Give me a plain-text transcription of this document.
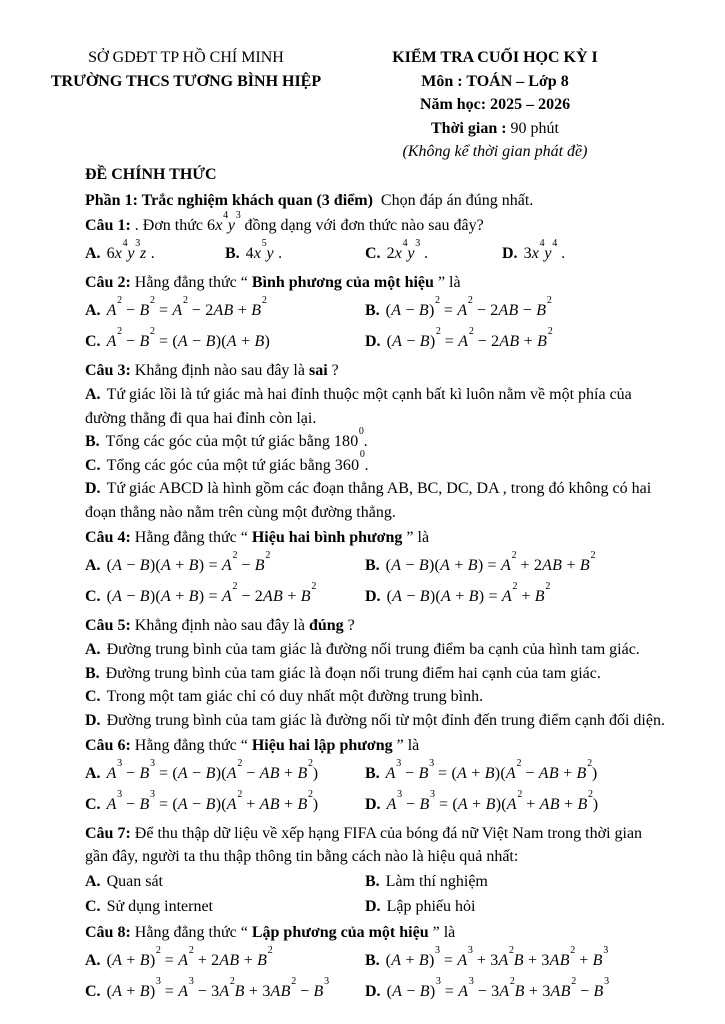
SỞ GDĐT TP HỒ CHÍ MINH
TRƯỜNG THCS TƯƠNG BÌNH HIỆP
KIỂM TRA CUỐI HỌC KỲ I
Môn : TOÁN – Lớp 8
Năm học: 2025 – 2026
Thời gian : 90 phút
(Không kể thời gian phát đề)
ĐỀ CHÍNH THỨC
Phần 1: Trắc nghiệm khách quan (3 điểm)  Chọn đáp án đúng nhất.
Câu 1: . Đơn thức $6x^4y^3$ đồng dạng với đơn thức nào sau đây?
A. $6x^4y^3z$ .	B. $4x^5y$ .	C. $2x^4y^3$ .	D. $3x^4y^4$ .
Câu 2: Hằng đẳng thức “ Bình phương của một hiệu ” là
A. $A^2 - B^2 = A^2 - 2AB + B^2$
B. $(A - B)^2 = A^2 - 2AB - B^2$
C. $A^2 - B^2 = (A - B)(A + B)$	D. $(A - B)^2 = A^2 - 2AB + B^2$
Câu 3: Khẳng định nào sau đây là sai ?
A. Tứ giác lồi là tứ giác mà hai đỉnh thuộc một cạnh bất kì luôn nằm về một phía của đường thẳng đi qua hai đỉnh còn lại.
B. Tổng các góc của một tứ giác bằng $180^0$.
C. Tổng các góc của một tứ giác bằng $360^0$.
D. Tứ giác ABCD là hình gồm các đoạn thẳng AB, BC, DC, DA , trong đó không có hai đoạn thẳng nào nằm trên cùng một đường thẳng.
Câu 4: Hằng đẳng thức “ Hiệu hai bình phương ” là
A. $(A - B)(A + B) = A^2 - B^2$
B. $(A - B)(A + B) = A^2 + 2AB + B^2$
C. $(A - B)(A + B) = A^2 - 2AB + B^2$
D. $(A - B)(A + B) = A^2 + B^2$
Câu 5: Khẳng định nào sau đây là đúng ?
A. Đường trung bình của tam giác là đường nối trung điểm ba cạnh của hình tam giác.
B. Đường trung bình của tam giác là đoạn nối trung điểm hai cạnh của tam giác.
C. Trong một tam giác chỉ có duy nhất một đường trung bình.
D. Đường trung bình của tam giác là đường nối từ một đỉnh đến trung điểm cạnh đối diện.
Câu 6: Hằng đẳng thức “ Hiệu hai lập phương ” là
A. $A^3 - B^3 = (A - B)(A^2$ − AB + $B^2$)	B. $A^3 - B^3 = (A + B)(A^2$ − AB + $B^2$)
C. $A^3 - B^3 = (A - B)(A^2$ + AB + $B^2$)	D. $A^3 - B^3 = (A + B)(A^2$ + AB + $B^2$)
Câu 7: Để thu thập dữ liệu về xếp hạng FIFA của bóng đá nữ Việt Nam trong thời gian gần đây, người ta thu thập thông tin bằng cách nào là hiệu quả nhất:
A. Quan sát	B. Làm thí nghiệm
C. Sử dụng internet	D. Lập phiếu hỏi
Câu 8: Hằng đẳng thức “ Lập phương của một hiệu ” là
A. $(A + B)^2 = A^2 + 2AB + B^2$
B. $(A + B)^3 = A^3 + 3A^2B + 3AB^2 + B^3$
C. $(A + B)^3 = A^3 - 3A^2B + 3AB^2 - B^3$
D. $(A - B)^3 = A^3 - 3A^2B + 3AB^2 - B^3$
